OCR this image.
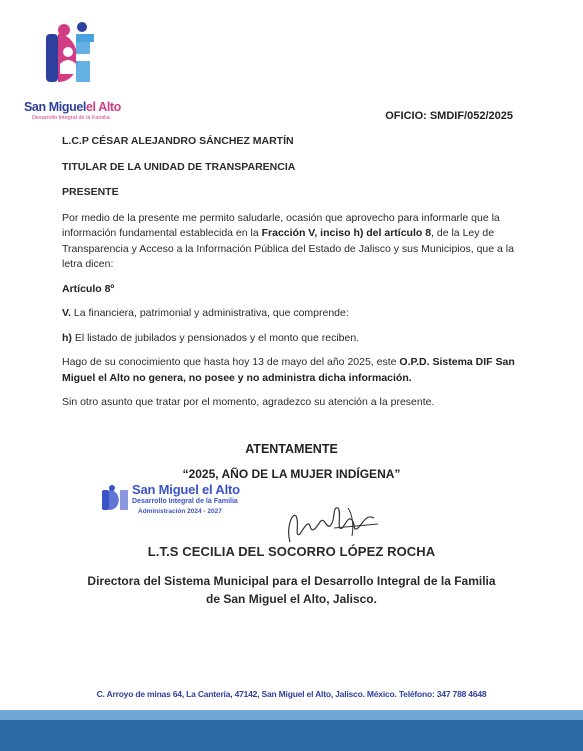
San Miguelel Alto
Desarrollo Integral de la Familia	OFICIO: SMDIF/052/2025

L.C.P CÉSAR ALEJANDRO SÁNCHEZ MARTÍN

TITULAR DE LA UNIDAD DE TRANSPARENCIA

PRESENTE

Por medio de la presente me permito saludarle, ocasión que aprovecho para informarle que la información fundamental establecida en la Fracción V, inciso h) del artículo 8, de la Ley de Transparencia y Acceso a la Información Pública del Estado de Jalisco y sus Municipios, que a la letra dicen:

Artículo 8º

V. La financiera, patrimonial y administrativa, que comprende:

h) El listado de jubilados y pensionados y el monto que reciben.

Hago de su conocimiento que hasta hoy 13 de mayo del año 2025, este O.P.D. Sistema DIF San Miguel el Alto no genera, no posee y no administra dicha información.

Sin otro asunto que tratar por el momento, agradezco su atención a la presente.

ATENTAMENTE
“2025, AÑO DE LA MUJER INDÍGENA”
San Miguel el Alto
Desarrollo Integral de la Familia
Administración 2024 - 2027
L.T.S CECILIA DEL SOCORRO LÓPEZ ROCHA
Directora del Sistema Municipal para el Desarrollo Integral de la Familia
de San Miguel el Alto, Jalisco.
C. Arroyo de minas 64, La Cantería, 47142, San Miguel el Alto, Jalisco. México. Teléfono: 347 788 4648
